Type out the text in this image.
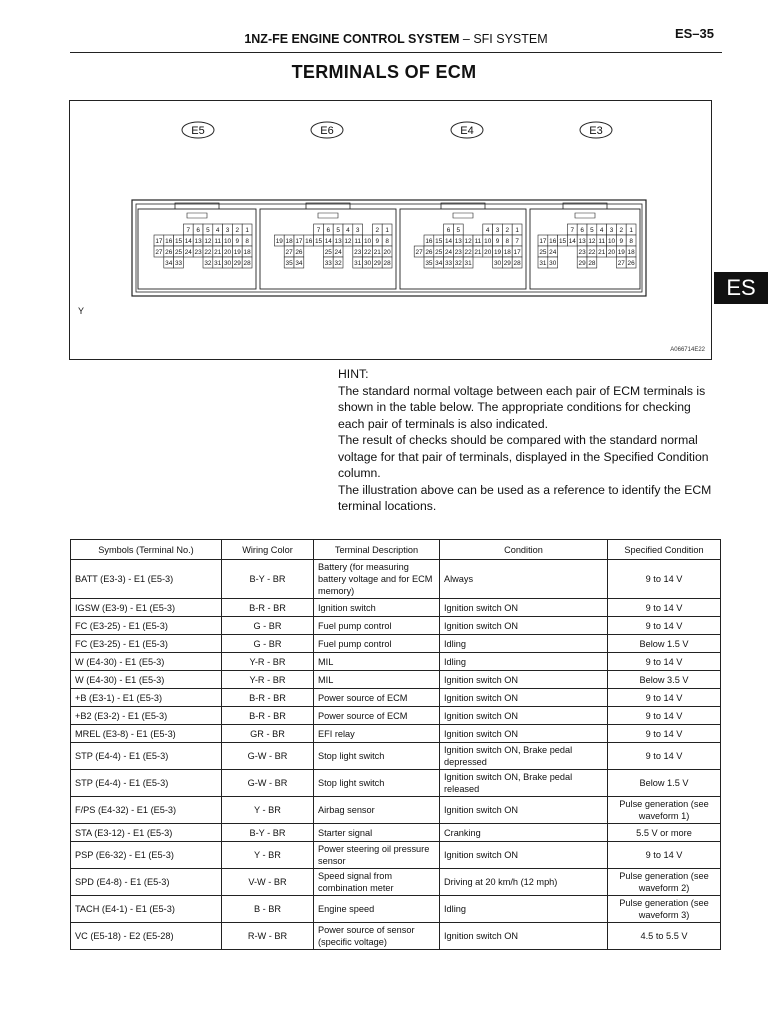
1NZ-FE ENGINE CONTROL SYSTEM – SFI SYSTEM	ES–35
TERMINALS OF ECM
ES
E5
7 6 5 4 3 2 1
17 16 15 14 13 12 11 10 9 8
27 26 25 24 23 22 21 20 19 18
34 33	32 31 30 29 28
E6
7 6 5 4 3	2 1
19 18 17 16 15 14 13 12 11 10 9 8
27 26	25 24 23 22 21 20
35 34	33 32 31 30 29 28
E4
6 5	4 3 2 1
16 15 14 13 12 11 10 9 8 7
27 26 25 24 23 22 21 20 19 18 17
35 34 33 32 31	30 29 28
E3
7 6 5 4 3 2 1
17 16 15 14 13 12 11 10 9 8
25 24	23 22 21 20 19 18
31 30	29 28	27 26
Y
A066714E22

HINT:

The standard normal voltage between each pair of ECM terminals is shown in the table below. The appropriate conditions for checking each pair of terminals is also indicated.

The result of checks should be compared with the standard normal voltage for that pair of terminals, displayed in the Specified Condition column.

The illustration above can be used as a reference to identify the ECM terminal locations.

Symbols (Terminal No.)	Wiring Color	Terminal Description	Condition	Specified Condition
BATT (E3-3) - E1 (E5-3)	B-Y - BR	Battery (for measuring battery voltage and for ECM memory)	Always	9 to 14 V
IGSW (E3-9) - E1 (E5-3)	B-R - BR	Ignition switch	Ignition switch ON	9 to 14 V
FC (E3-25) - E1 (E5-3)	G - BR	Fuel pump control	Ignition switch ON	9 to 14 V
FC (E3-25) - E1 (E5-3)	G - BR	Fuel pump control	Idling	Below 1.5 V
W (E4-30) - E1 (E5-3)	Y-R - BR	MIL	Idling	9 to 14 V
W (E4-30) - E1 (E5-3)	Y-R - BR	MIL	Ignition switch ON	Below 3.5 V
+B (E3-1) - E1 (E5-3)	B-R - BR	Power source of ECM	Ignition switch ON	9 to 14 V
+B2 (E3-2) - E1 (E5-3)	B-R - BR	Power source of ECM	Ignition switch ON	9 to 14 V
MREL (E3-8) - E1 (E5-3)	GR - BR	EFI relay	Ignition switch ON	9 to 14 V
STP (E4-4) - E1 (E5-3)	G-W - BR	Stop light switch	Ignition switch ON, Brake pedal depressed	9 to 14 V
STP (E4-4) - E1 (E5-3)	G-W - BR	Stop light switch	Ignition switch ON, Brake pedal released	Below 1.5 V
F/PS (E4-32) - E1 (E5-3)	Y - BR	Airbag sensor	Ignition switch ON	Pulse generation (see waveform 1)
STA (E3-12) - E1 (E5-3)	B-Y - BR	Starter signal	Cranking	5.5 V or more
PSP (E6-32) - E1 (E5-3)	Y - BR	Power steering oil pressure sensor	Ignition switch ON	9 to 14 V
SPD (E4-8) - E1 (E5-3)	V-W - BR	Speed signal from combination meter	Driving at 20 km/h (12 mph)	Pulse generation (see waveform 2)
TACH (E4-1) - E1 (E5-3)	B - BR	Engine speed	Idling	Pulse generation (see waveform 3)
VC (E5-18) - E2 (E5-28)	R-W - BR	Power source of sensor (specific voltage)	Ignition switch ON	4.5 to 5.5 V
